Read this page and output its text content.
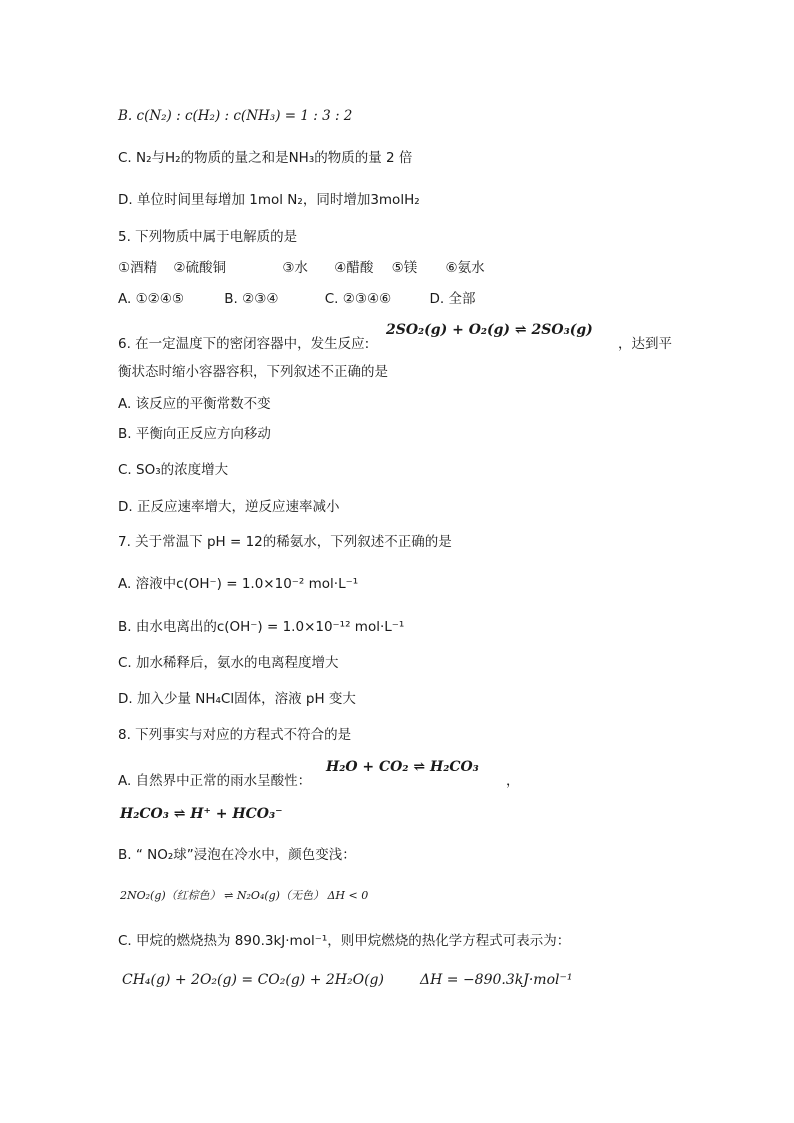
B. c(N₂) : c(H₂) : c(NH₃) = 1 : 3 : 2
C. N₂与H₂的物质的量之和是NH₃的物质的量 2 倍
D. 单位时间里每增加 1mol N₂，同时增加3molH₂
5. 下列物质中属于电解质的是
①酒精 ②硫酸铜	③水 ④醋酸 ⑤镁 ⑥氨水
A. ①②④⑤	B. ②③④	C. ②③④⑥	D. 全部
6. 在一定温度下的密闭容器中，发生反应:
2SO₂(g) + O₂(g) ⇌ 2SO₃(g)
，达到平
衡状态时缩小容器容积，下列叙述不正确的是
A. 该反应的平衡常数不变
B. 平衡向正反应方向移动
C. SO₃的浓度增大
D. 正反应速率增大，逆反应速率减小
7. 关于常温下 pH = 12的稀氨水，下列叙述不正确的是
A. 溶液中c(OH⁻) = 1.0×10⁻² mol·L⁻¹
B. 由水电离出的c(OH⁻) = 1.0×10⁻¹² mol·L⁻¹
C. 加水稀释后，氨水的电离程度增大
D. 加入少量 NH₄Cl固体，溶液 pH 变大
8. 下列事实与对应的方程式不符合的是
A. 自然界中正常的雨水呈酸性：
H₂O + CO₂ ⇌ H₂CO₃
，
H₂CO₃ ⇌ H⁺ + HCO₃⁻
B. “ NO₂球”浸泡在冷水中，颜色变浅：
2NO₂(g)（红棕色） ⇌ N₂O₄(g)（无色） ΔH < 0
C. 甲烷的燃烧热为 890.3kJ·mol⁻¹，则甲烷燃烧的热化学方程式可表示为：
CH₄(g) + 2O₂(g) = CO₂(g) + 2H₂O(g)	ΔH = −890.3kJ·mol⁻¹
